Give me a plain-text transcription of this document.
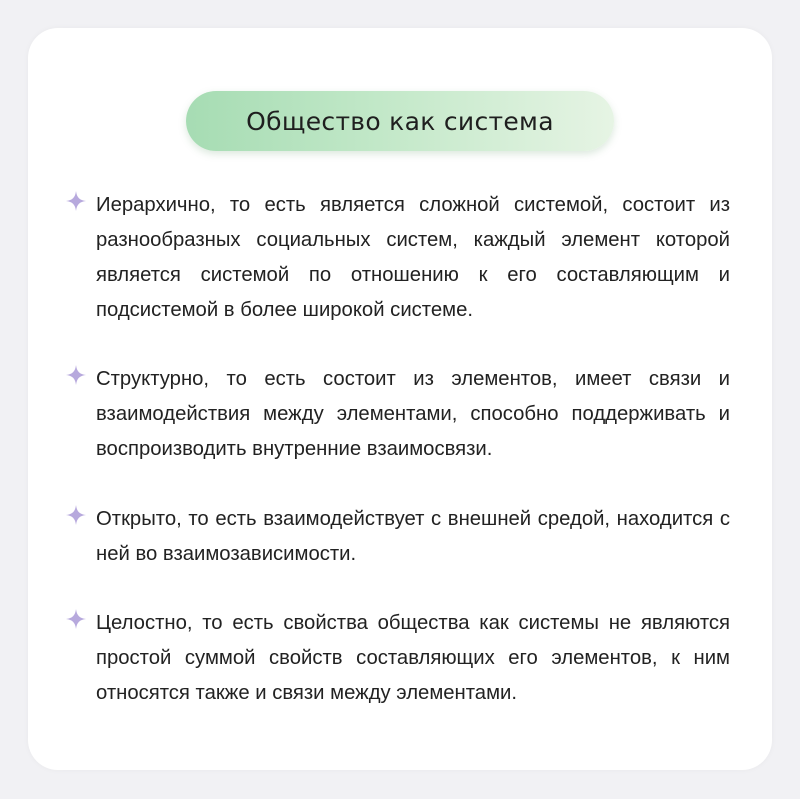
Общество как система
Иерархично, то есть является сложной системой, состоит из разнообразных социальных систем, каждый элемент которой является системой по отношению к его составляющим и подсистемой в более широкой системе.
Структурно, то есть состоит из элементов, имеет связи и взаимодействия между элементами, способно поддерживать и воспроизводить внутренние взаимосвязи.
Открыто, то есть взаимодействует с внешней средой, находится с ней во взаимозависимости.
Целостно, то есть свойства общества как системы не являются простой суммой свойств составляющих его элементов, к ним относятся также и связи между элементами.
